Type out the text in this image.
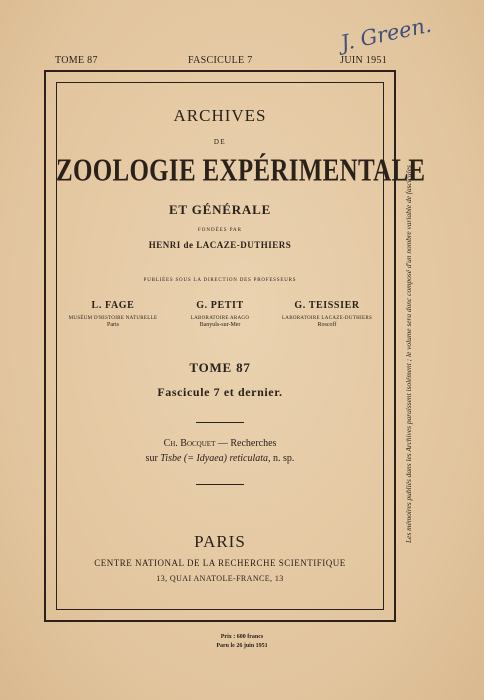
J. Green.
TOME 87	FASCICULE 7	JUIN 1951
ARCHIVES
DE
ZOOLOGIE EXPÉRIMENTALE
ET GÉNÉRALE
FONDÉES PAR
HENRI de LACAZE-DUTHIERS
PUBLIÉES SOUS LA DIRECTION DES PROFESSEURS
L. FAGE
MUSÉUM D'HISTOIRE NATURELLE
Paris
G. PETIT
LABORATOIRE ARAGO
Banyuls-sur-Mer
G. TEISSIER
LABORATOIRE LACAZE-DUTHIERS
Roscoff
TOME 87
Fascicule 7 et dernier.
Ch. Bocquet — Recherches
sur Tisbe (= Idyaea) reticulata, n. sp.
PARIS
CENTRE NATIONAL DE LA RECHERCHE SCIENTIFIQUE
13, QUAI ANATOLE-FRANCE, 13
Les mémoires publiés dans les Archives paraissent isolément ; le volume sera donc composé d'un nombre variable de fascicules
Prix : 600 francs
Paru le 26 juin 1951
